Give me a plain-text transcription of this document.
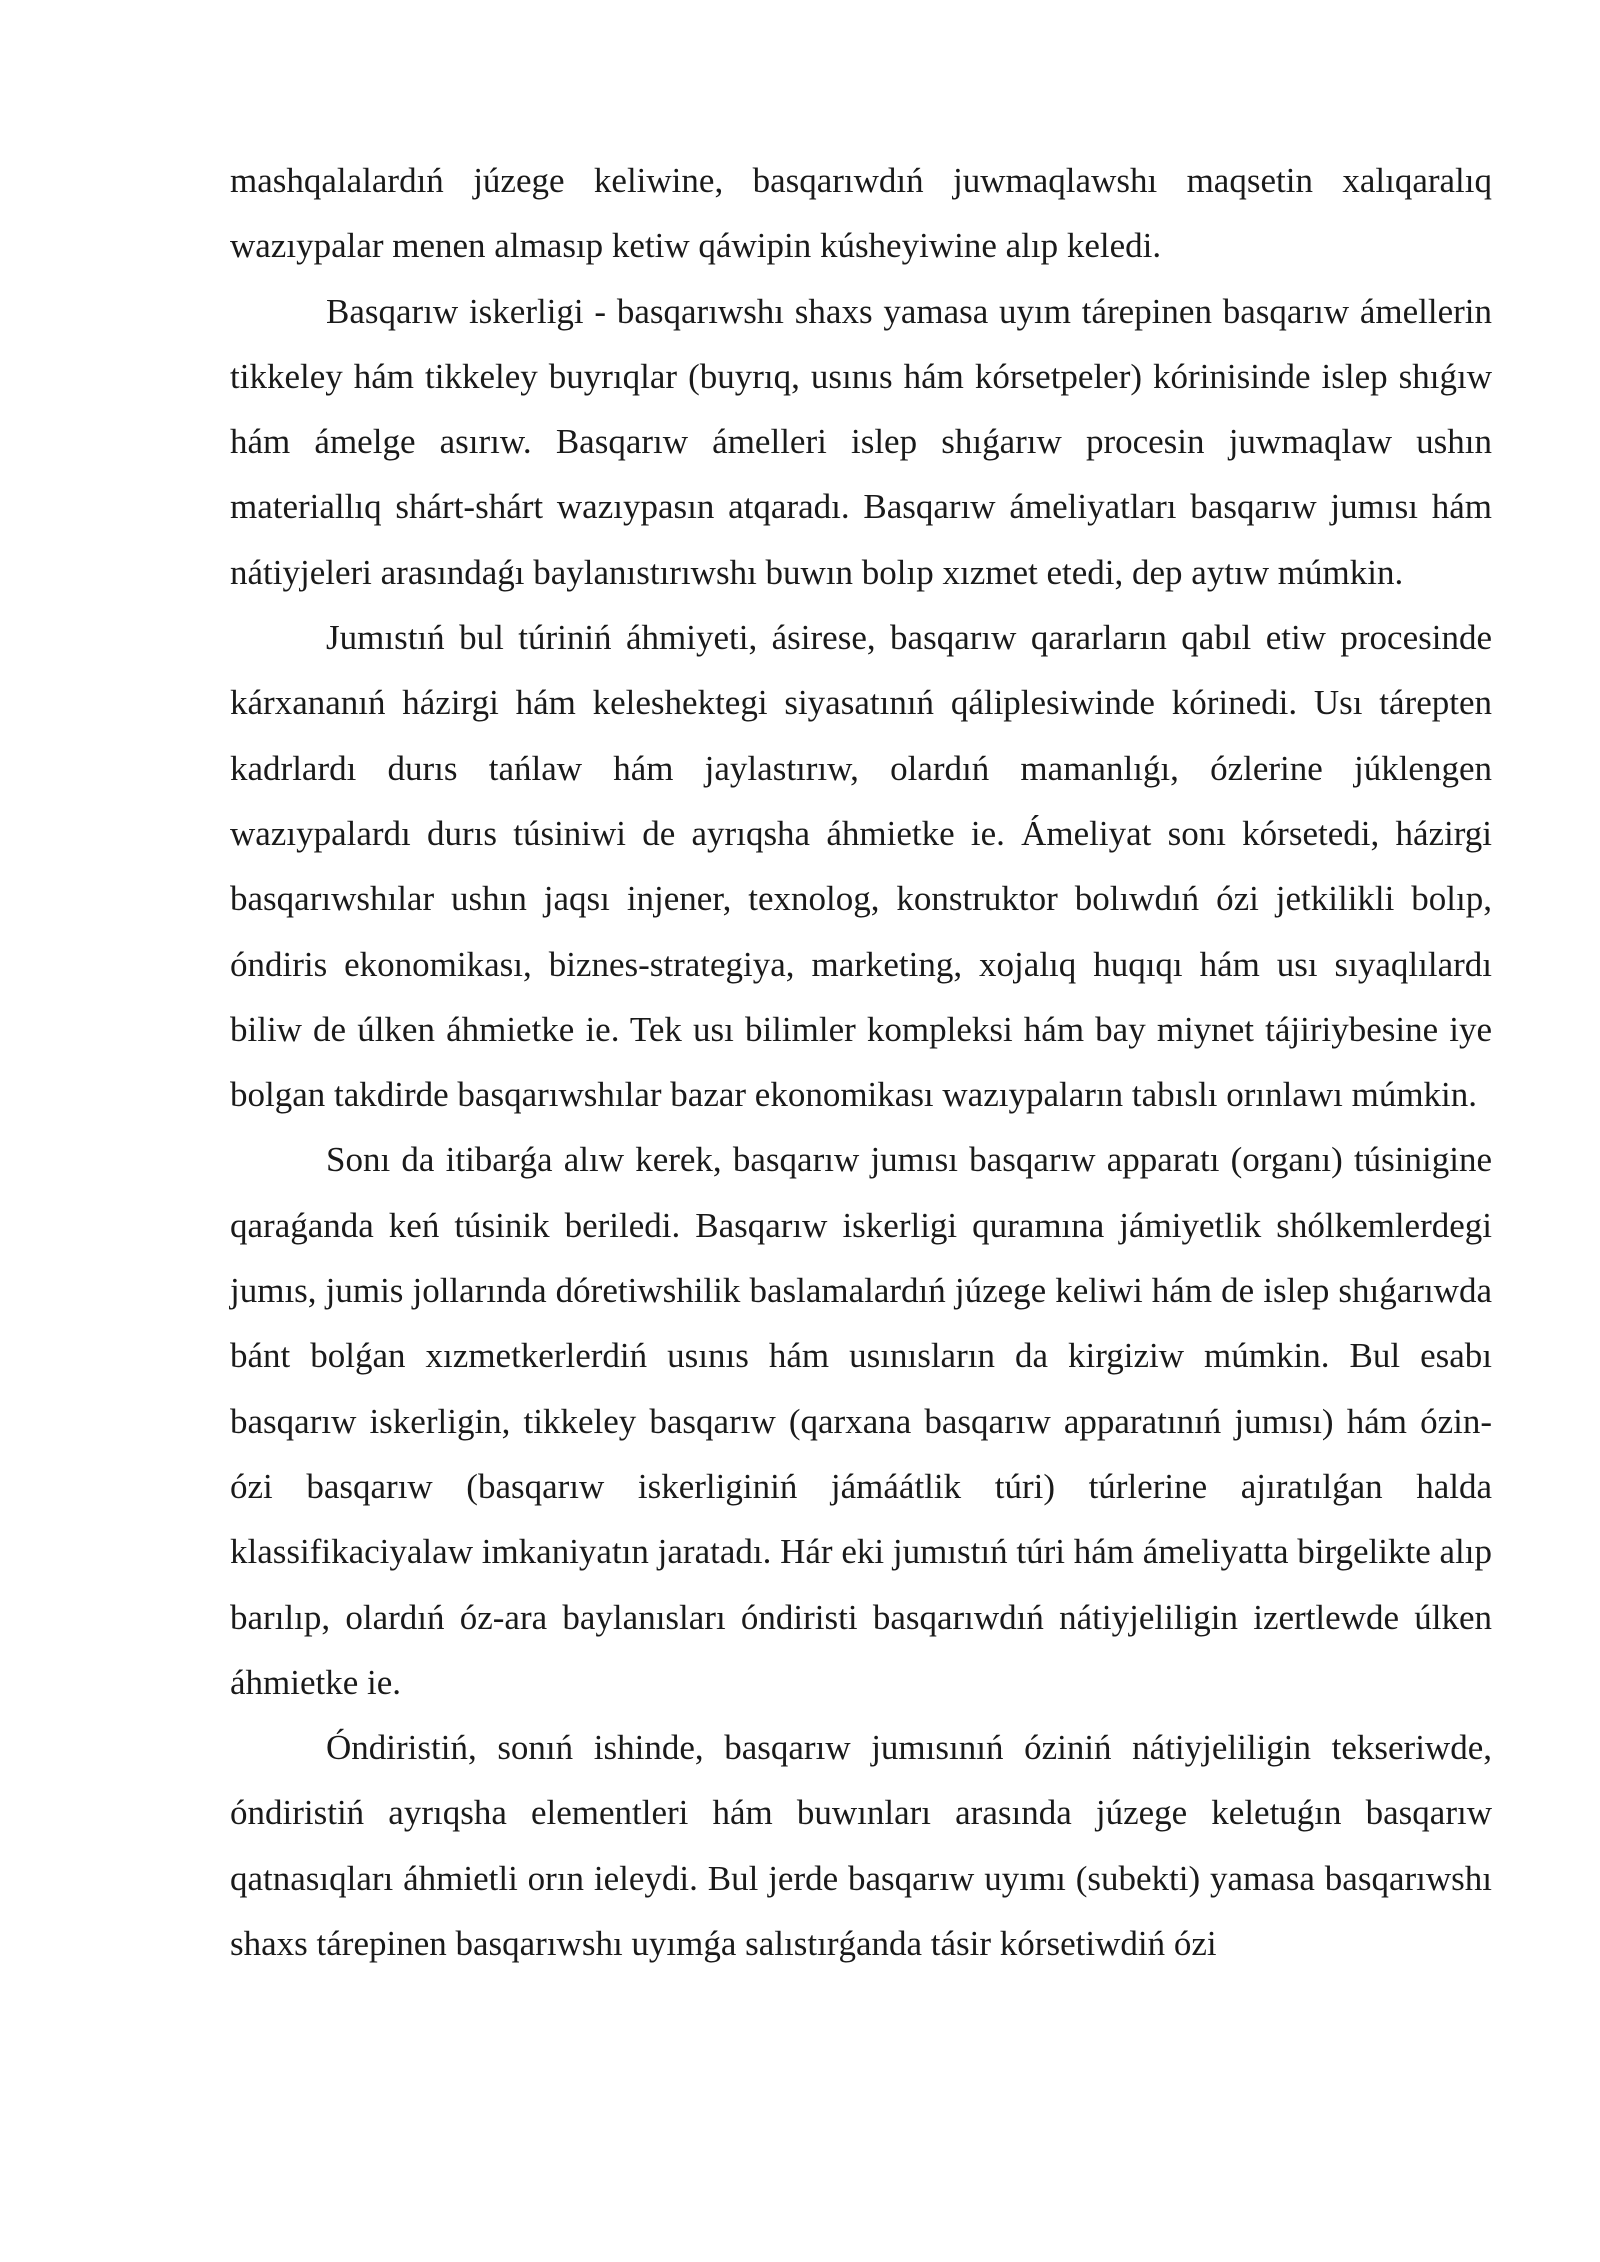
mashqalalardıń júzege keliwine, basqarıwdıń juwmaqlawshı maqsetin xalıqaralıq wazıypalar menen almasıp ketiw qáwipin kúsheyiwine alıp keledi.

Basqarıw iskerligi - basqarıwshı shaxs yamasa uyım tárepinen basqarıw ámellerin tikkeley hám tikkeley buyrıqlar (buyrıq, usınıs hám kórsetpeler) kórinisinde islep shıǵıw hám ámelge asırıw. Basqarıw ámelleri islep shıǵarıw procesin juwmaqlaw ushın materiallıq shárt-shárt wazıypasın atqaradı. Basqarıw ámeliyatları basqarıw jumısı hám nátiyjeleri arasındaǵı baylanıstırıwshı buwın bolıp xızmet etedi, dep aytıw múmkin.

Jumıstıń bul túriniń áhmiyeti, ásirese, basqarıw qararların qabıl etiw procesinde kárxananıń házirgi hám keleshektegi siyasatınıń qáliplesiwinde kórinedi. Usı tárepten kadrlardı durıs tańlaw hám jaylastırıw, olardıń mamanlıǵı, ózlerine júklengen wazıypalardı durıs túsiniwi de ayrıqsha áhmietke ie. Ámeliyat sonı kórsetedi, házirgi basqarıwshılar ushın jaqsı injener, texnolog, konstruktor bolıwdıń ózi jetkilikli bolıp, óndiris ekonomikası, biznes-strategiya, marketing, xojalıq huqıqı hám usı sıyaqlılardı biliw de úlken áhmietke ie. Tek usı bilimler kompleksi hám bay miynet tájiriybesine iye bolgan takdirde basqarıwshılar bazar ekonomikası wazıypaların tabıslı orınlawı múmkin.

Sonı da itibarǵa alıw kerek, basqarıw jumısı basqarıw apparatı (organı) túsinigine qaraǵanda keń túsinik beriledi. Basqarıw iskerligi quramına jámiyetlik shólkemlerdegi jumıs, jumis jollarında dóretiwshilik baslamalardıń júzege keliwi hám de islep shıǵarıwda bánt bolǵan xızmetkerlerdiń usınıs hám usınısların da kirgiziw múmkin. Bul esabı basqarıw iskerligin, tikkeley basqarıw (qarxana basqarıw apparatınıń jumısı) hám ózin-ózi basqarıw (basqarıw iskerliginiń jámáátlik túri) túrlerine ajıratılǵan halda klassifikaciyalaw imkaniyatın jaratadı. Hár eki jumıstıń túri hám ámeliyatta birgelikte alıp barılıp, olardıń óz-ara baylanısları óndiristi basqarıwdıń nátiyjeliligin izertlewde úlken áhmietke ie.

Óndiristiń, sonıń ishinde, basqarıw jumısınıń óziniń nátiyjeliligin tekseriwde, óndiristiń ayrıqsha elementleri hám buwınları arasında júzege keletuǵın basqarıw qatnasıqları áhmietli orın ieleydi. Bul jerde basqarıw uyımı (subekti) yamasa basqarıwshı shaxs tárepinen basqarıwshı uyımǵa salıstırǵanda tásir kórsetiwdiń ózi
